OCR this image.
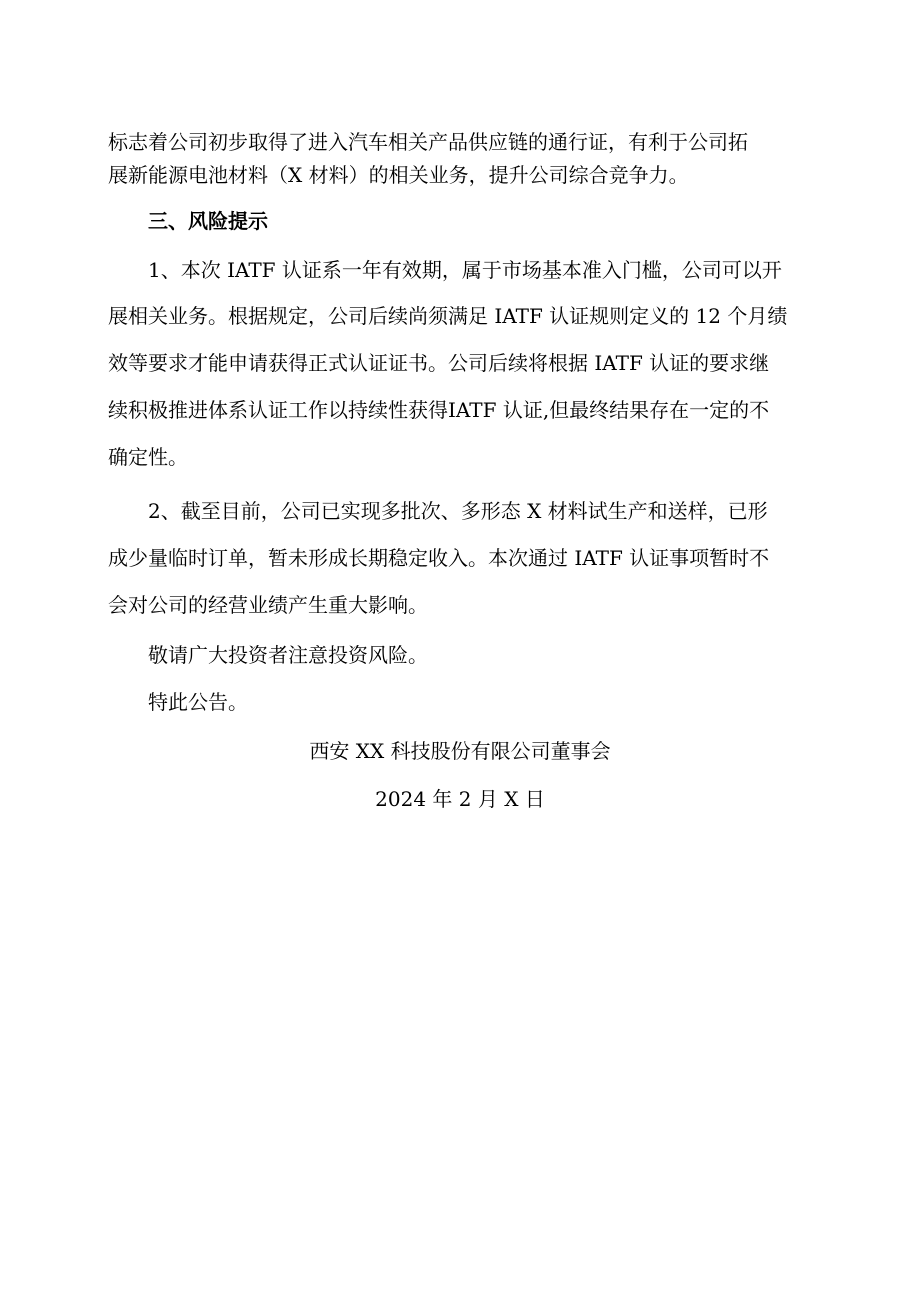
标志着公司初步取得了进入汽车相关产品供应链的通行证，有利于公司拓
展新能源电池材料（X 材料）的相关业务，提升公司综合竞争力。
三、风险提示
1、本次 IATF 认证系一年有效期，属于市场基本准入门槛，公司可以开
展相关业务。根据规定，公司后续尚须满足 IATF 认证规则定义的 12 个月绩
效等要求才能申请获得正式认证证书。公司后续将根据 IATF 认证的要求继
续积极推进体系认证工作以持续性获得IATF 认证,但最终结果存在一定的不
确定性。
2、截至目前，公司已实现多批次、多形态 X 材料试生产和送样，已形
成少量临时订单，暂未形成长期稳定收入。本次通过 IATF 认证事项暂时不
会对公司的经营业绩产生重大影响。
敬请广大投资者注意投资风险。
特此公告。
西安 XX 科技股份有限公司董事会
2024 年 2 月 X 日
